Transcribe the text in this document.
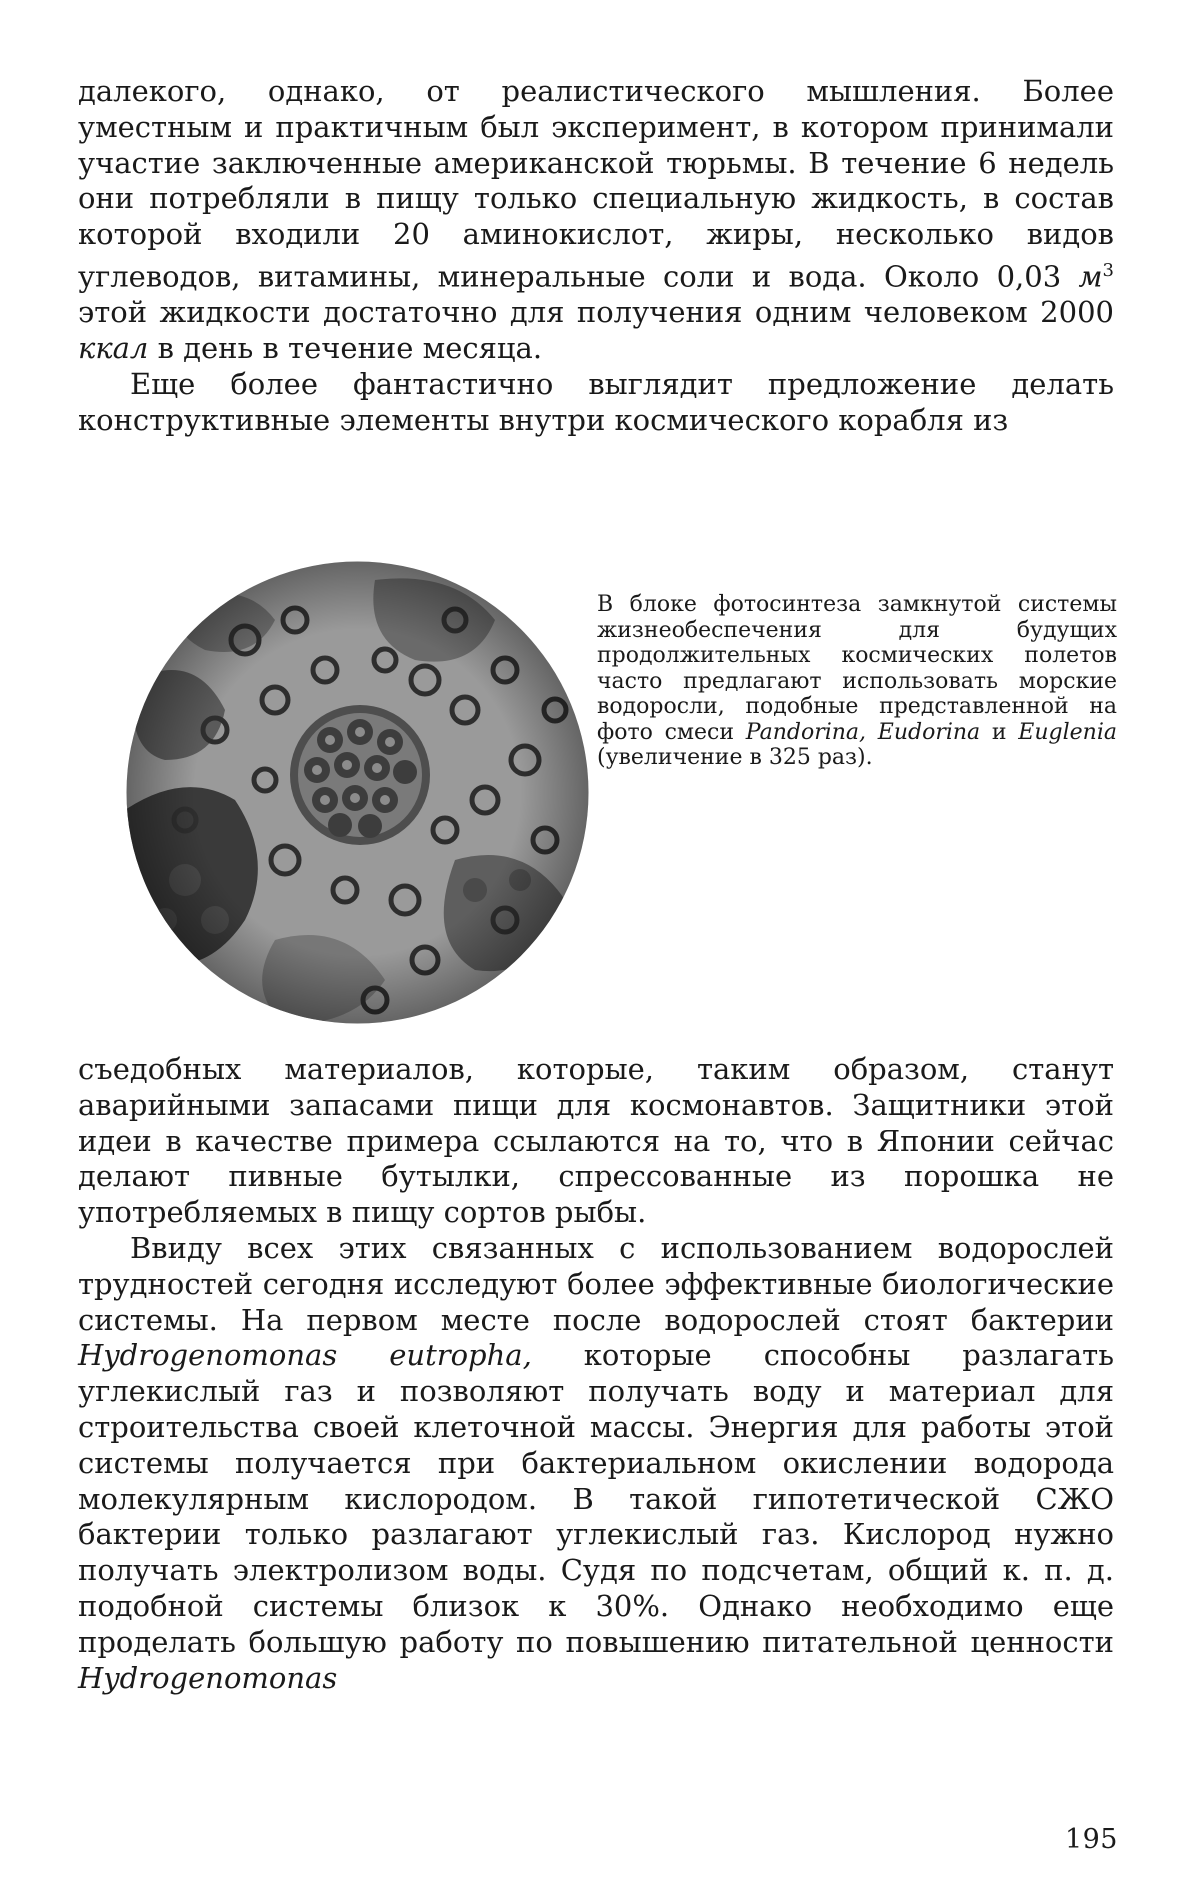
далекого, однако, от реалистического мышления. Более уместным и практичным был эксперимент, в котором принимали участие заключенные американской тюрьмы. В течение 6 недель они потребляли в пищу только специальную жидкость, в состав которой входили 20 аминокислот, жиры, несколько видов углеводов, витамины, минеральные соли и вода. Около 0,03 $м^3$ этой жидкости достаточно для получения одним человеком 2000 ккал в день в течение месяца.

Еще более фантастично выглядит предложение делать конструктивные элементы внутри космического корабля из

В блоке фотосинтеза замкнутой системы жизнеобеспечения для будущих продолжительных космических полетов часто предлагают использовать морские водоросли, подобные представленной на фото смеси Pandorina, Eudorina и Euglenia (увеличение в 325 раз).

съедобных материалов, которые, таким образом, станут аварийными запасами пищи для космонавтов. Защитники этой идеи в качестве примера ссылаются на то, что в Японии сейчас делают пивные бутылки, спрессованные из порошка не употребляемых в пищу сортов рыбы.

Ввиду всех этих связанных с использованием водорослей трудностей сегодня исследуют более эффективные биологические системы. На первом месте после водорослей стоят бактерии Hydrogenomonas eutropha, которые способны разлагать углекислый газ и позволяют получать воду и материал для строительства своей клеточной массы. Энергия для работы этой системы получается при бактериальном окислении водорода молекулярным кислородом. В такой гипотетической СЖО бактерии только разлагают углекислый газ. Кислород нужно получать электролизом воды. Судя по подсчетам, общий к. п. д. подобной системы близок к 30%. Однако необходимо еще проделать большую работу по повышению питательной ценности Hydrogenomonas

195
